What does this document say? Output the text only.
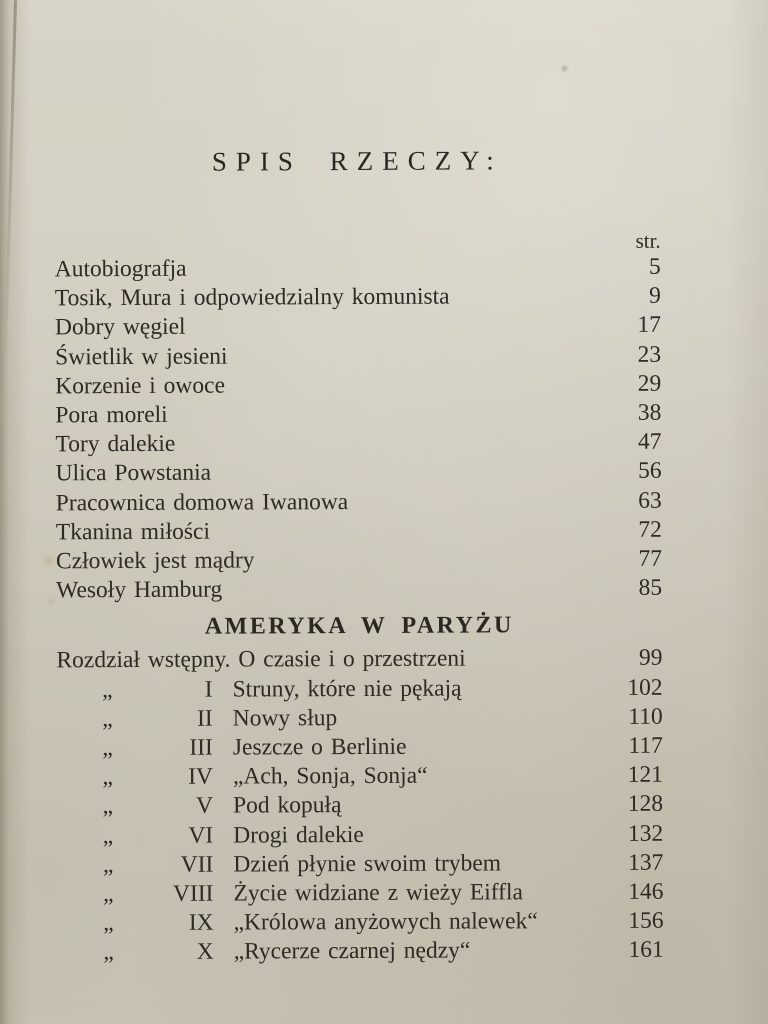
SPIS RZECZY:
str.
Autobiografja	5
Tosik, Mura i odpowiedzialny komunista	9
Dobry węgiel	17
Świetlik w jesieni	23
Korzenie i owoce	29
Pora moreli	38
Tory dalekie	47
Ulica Powstania	56
Pracownica domowa Iwanowa	63
Tkanina miłości	72
Człowiek jest mądry	77
Wesoły Hamburg	85
AMERYKA W PARYŻU
Rozdział wstępny. O czasie i o przestrzeni	99
„	I Struny, które nie pękają	102
„	II Nowy słup	110
„	III Jeszcze o Berlinie	117
„	IV „Ach, Sonja, Sonja“	121
„	V Pod kopułą	128
„	VI Drogi dalekie	132
„	VII Dzień płynie swoim trybem	137
„	VIII Życie widziane z wieży Eiffla	146
„	IX „Królowa anyżowych nalewek“	156
„	X „Rycerze czarnej nędzy“	161
